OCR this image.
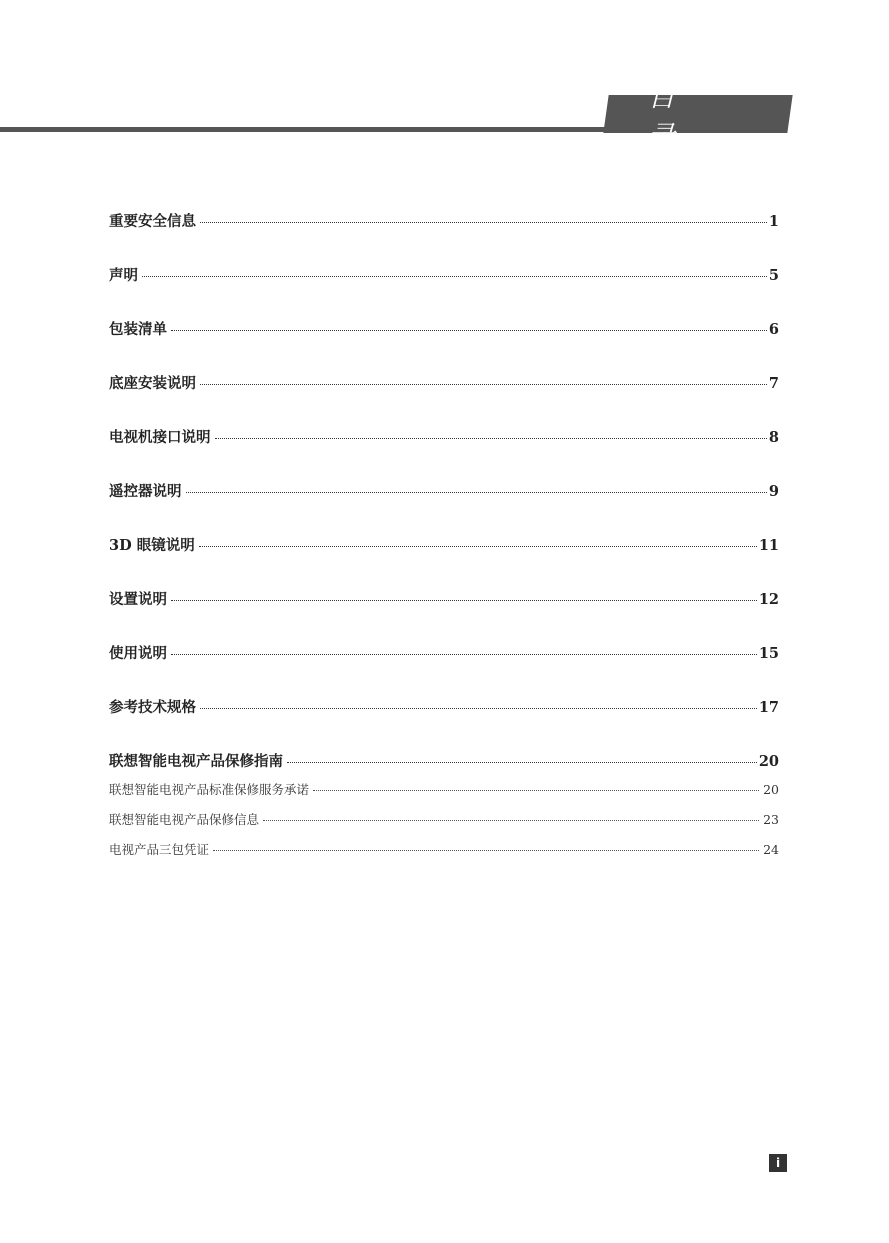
目 录
重要安全信息	1
声明	5
包装清单	6
底座安装说明	7
电视机接口说明	8
遥控器说明	9
3D 眼镜说明	11
设置说明	12
使用说明	15
参考技术规格	17
联想智能电视产品保修指南	20
联想智能电视产品标准保修服务承诺	20
联想智能电视产品保修信息	23
电视产品三包凭证	24
i
